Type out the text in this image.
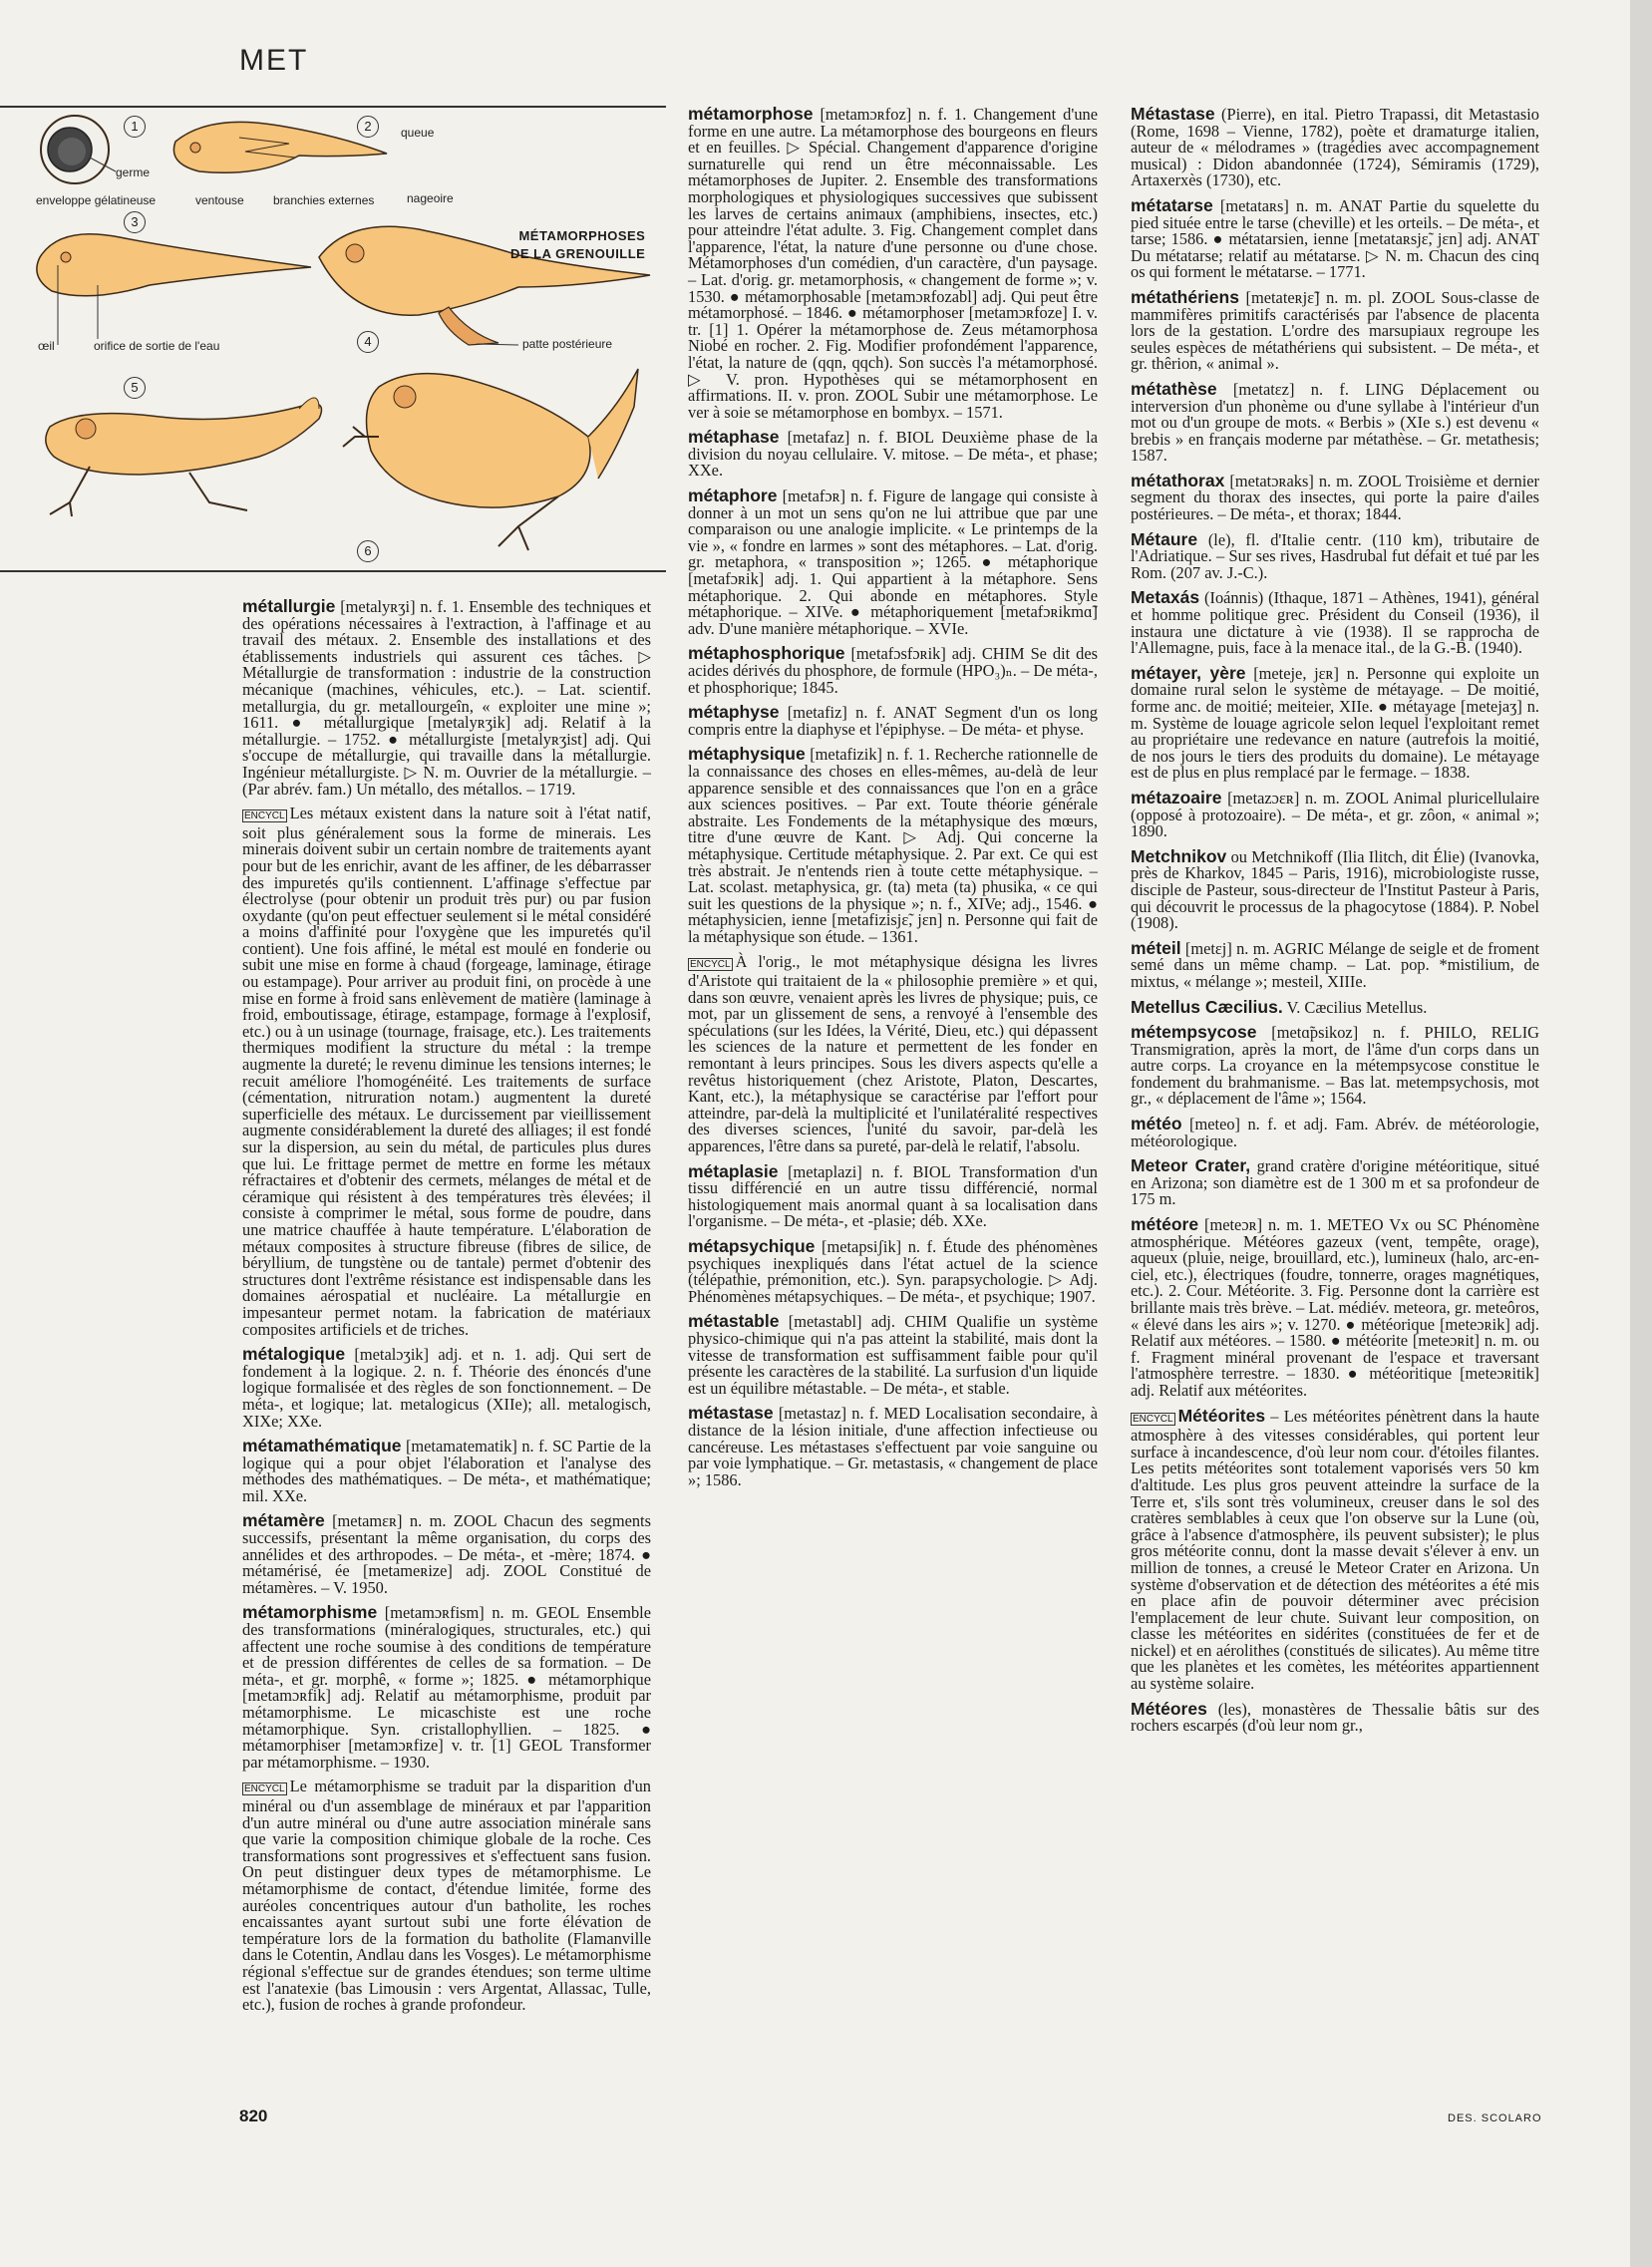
MET
MÉTAMORPHOSES
DE LA GRENOUILLE
1	2
3
4
5
6
germe
enveloppe gélatineuse
queue
ventouse branchies externes	nageoire
œil	orifice de sortie de l'eau	patte postérieure
métallurgie [metalyʀʒi] n. f. 1. Ensemble des techniques et des opérations nécessaires à l'extraction, à l'affinage et au travail des métaux. 2. Ensemble des installations et des établissements industriels qui assurent ces tâches. ▷ Métallurgie de transformation : industrie de la construction mécanique (machines, véhicules, etc.). – Lat. scientif. metallurgia, du gr. metallourgeîn, « exploiter une mine »; 1611. ● métallurgique [metalyʀʒik] adj. Relatif à la métallurgie. – 1752. ● métallurgiste [metalyʀʒist] adj. Qui s'occupe de métallurgie, qui travaille dans la métallurgie. Ingénieur métallurgiste. ▷ N. m. Ouvrier de la métallurgie. – (Par abrév. fam.) Un métallo, des métallos. – 1719.
ENCYCL Les métaux existent dans la nature soit à l'état natif, soit plus généralement sous la forme de minerais. Les minerais doivent subir un certain nombre de traitements ayant pour but de les enrichir, avant de les affiner, de les débarrasser des impuretés qu'ils contiennent. L'affinage s'effectue par électrolyse (pour obtenir un produit très pur) ou par fusion oxydante (qu'on peut effectuer seulement si le métal considéré a moins d'affinité pour l'oxygène que les impuretés qu'il contient). Une fois affiné, le métal est moulé en fonderie ou subit une mise en forme à chaud (forgeage, laminage, étirage ou estampage). Pour arriver au produit fini, on procède à une mise en forme à froid sans enlèvement de matière (laminage à froid, emboutissage, étirage, estampage, formage à l'explosif, etc.) ou à un usinage (tournage, fraisage, etc.). Les traitements thermiques modifient la structure du métal : la trempe augmente la dureté; le revenu diminue les tensions internes; le recuit améliore l'homogénéité. Les traitements de surface (cémentation, nitruration notam.) augmentent la dureté superficielle des métaux. Le durcissement par vieillissement augmente considérablement la dureté des alliages; il est fondé sur la dispersion, au sein du métal, de particules plus dures que lui. Le frittage permet de mettre en forme les métaux réfractaires et d'obtenir des cermets, mélanges de métal et de céramique qui résistent à des températures très élevées; il consiste à comprimer le métal, sous forme de poudre, dans une matrice chauffée à haute température. L'élaboration de métaux composites à structure fibreuse (fibres de silice, de béryllium, de tungstène ou de tantale) permet d'obtenir des structures dont l'extrême résistance est indispensable dans les domaines aérospatial et nucléaire. La métallurgie en impesanteur permet notam. la fabrication de matériaux composites artificiels et de triches.
métalogique [metalɔʒik] adj. et n. 1. adj. Qui sert de fondement à la logique. 2. n. f. Théorie des énoncés d'une logique formalisée et des règles de son fonctionnement. – De méta-, et logique; lat. metalogicus (XIIe); all. metalogisch, XIXe; XXe.
métamathématique [metamatematik] n. f. SC Partie de la logique qui a pour objet l'élaboration et l'analyse des méthodes des mathématiques. – De méta-, et mathématique; mil. XXe.
métamère [metamɛʀ] n. m. ZOOL Chacun des segments successifs, présentant la même organisation, du corps des annélides et des arthropodes. – De méta-, et -mère; 1874. ● métamérisé, ée [metameʀize] adj. ZOOL Constitué de métamères. – V. 1950.
métamorphisme [metamɔʀfism] n. m. GEOL Ensemble des transformations (minéralogiques, structurales, etc.) qui affectent une roche soumise à des conditions de température et de pression différentes de celles de sa formation. – De méta-, et gr. morphê, « forme »; 1825. ● métamorphique [metamɔʀfik] adj. Relatif au métamorphisme, produit par métamorphisme. Le micaschiste est une roche métamorphique. Syn. cristallophyllien. – 1825. ● métamorphiser [metamɔʀfize] v. tr. [1] GEOL Transformer par métamorphisme. – 1930.
ENCYCL Le métamorphisme se traduit par la disparition d'un minéral ou d'un assemblage de minéraux et par l'apparition d'un autre minéral ou d'une autre association minérale sans que varie la composition chimique globale de la roche. Ces transformations sont progressives et s'effectuent sans fusion. On peut distinguer deux types de métamorphisme. Le métamorphisme de contact, d'étendue limitée, forme des auréoles concentriques autour d'un batholite, les roches encaissantes ayant surtout subi une forte élévation de température lors de la formation du batholite (Flamanville dans le Cotentin, Andlau dans les Vosges). Le métamorphisme régional s'effectue sur de grandes étendues; son terme ultime est l'anatexie (bas Limousin : vers Argentat, Allassac, Tulle, etc.), fusion de roches à grande profondeur.
métamorphose [metamɔʀfoz] n. f. 1. Changement d'une forme en une autre. La métamorphose des bourgeons en fleurs et en feuilles. ▷ Spécial. Changement d'apparence d'origine surnaturelle qui rend un être méconnaissable. Les métamorphoses de Jupiter. 2. Ensemble des transformations morphologiques et physiologiques successives que subissent les larves de certains animaux (amphibiens, insectes, etc.) pour atteindre l'état adulte. 3. Fig. Changement complet dans l'apparence, l'état, la nature d'une personne ou d'une chose. Métamorphoses d'un comédien, d'un caractère, d'un paysage. – Lat. d'orig. gr. metamorphosis, « changement de forme »; v. 1530. ● métamorphosable [metamɔʀfozabl] adj. Qui peut être métamorphosé. – 1846. ● métamorphoser [metamɔʀfoze] I. v. tr. [1] 1. Opérer la métamorphose de. Zeus métamorphosa Niobé en rocher. 2. Fig. Modifier profondément l'apparence, l'état, la nature de (qqn, qqch). Son succès l'a métamorphosé. ▷ V. pron. Hypothèses qui se métamorphosent en affirmations. II. v. pron. ZOOL Subir une métamorphose. Le ver à soie se métamorphose en bombyx. – 1571.
métaphase [metafaz] n. f. BIOL Deuxième phase de la division du noyau cellulaire. V. mitose. – De méta-, et phase; XXe.
métaphore [metafɔʀ] n. f. Figure de langage qui consiste à donner à un mot un sens qu'on ne lui attribue que par une comparaison ou une analogie implicite. « Le printemps de la vie », « fondre en larmes » sont des métaphores. – Lat. d'orig. gr. metaphora, « transposition »; 1265. ● métaphorique [metafɔʀik] adj. 1. Qui appartient à la métaphore. Sens métaphorique. 2. Qui abonde en métaphores. Style métaphorique. – XIVe. ● métaphoriquement [metafɔʀikmɑ̃] adv. D'une manière métaphorique. – XVIe.
métaphosphorique [metafɔsfɔʀik] adj. CHIM Se dit des acides dérivés du phosphore, de formule (HPO₃)ₙ. – De méta-, et phosphorique; 1845.
métaphyse [metafiz] n. f. ANAT Segment d'un os long compris entre la diaphyse et l'épiphyse. – De méta- et physe.
métaphysique [metafizik] n. f. 1. Recherche rationnelle de la connaissance des choses en elles-mêmes, au-delà de leur apparence sensible et des connaissances que l'on en a grâce aux sciences positives. – Par ext. Toute théorie générale abstraite. Les Fondements de la métaphysique des mœurs, titre d'une œuvre de Kant. ▷ Adj. Qui concerne la métaphysique. Certitude métaphysique. 2. Par ext. Ce qui est très abstrait. Je n'entends rien à toute cette métaphysique. – Lat. scolast. metaphysica, gr. (ta) meta (ta) phusika, « ce qui suit les questions de la physique »; n. f., XIVe; adj., 1546. ● métaphysicien, ienne [metafizisjɛ̃, jɛn] n. Personne qui fait de la métaphysique son étude. – 1361.
ENCYCL À l'orig., le mot métaphysique désigna les livres d'Aristote qui traitaient de la « philosophie première » et qui, dans son œuvre, venaient après les livres de physique; puis, ce mot, par un glissement de sens, a renvoyé à l'ensemble des spéculations (sur les Idées, la Vérité, Dieu, etc.) qui dépassent les sciences de la nature et permettent de les fonder en remontant à leurs principes. Sous les divers aspects qu'elle a revêtus historiquement (chez Aristote, Platon, Descartes, Kant, etc.), la métaphysique se caractérise par l'effort pour atteindre, par-delà la multiplicité et l'unilatéralité respectives des diverses sciences, l'unité du savoir, par-delà les apparences, l'être dans sa pureté, par-delà le relatif, l'absolu.
métaplasie [metaplazi] n. f. BIOL Transformation d'un tissu différencié en un autre tissu différencié, normal histologiquement mais anormal quant à sa localisation dans l'organisme. – De méta-, et -plasie; déb. XXe.
métapsychique [metapsiʃik] n. f. Étude des phénomènes psychiques inexpliqués dans l'état actuel de la science (télépathie, prémonition, etc.). Syn. parapsychologie. ▷ Adj. Phénomènes métapsychiques. – De méta-, et psychique; 1907.
métastable [metastabl] adj. CHIM Qualifie un système physico-chimique qui n'a pas atteint la stabilité, mais dont la vitesse de transformation est suffisamment faible pour qu'il présente les caractères de la stabilité. La surfusion d'un liquide est un équilibre métastable. – De méta-, et stable.
métastase [metastaz] n. f. MED Localisation secondaire, à distance de la lésion initiale, d'une affection infectieuse ou cancéreuse. Les métastases s'effectuent par voie sanguine ou par voie lymphatique. – Gr. metastasis, « changement de place »; 1586.
Métastase (Pierre), en ital. Pietro Trapassi, dit Metastasio (Rome, 1698 – Vienne, 1782), poète et dramaturge italien, auteur de « mélodrames » (tragédies avec accompagnement musical) : Didon abandonnée (1724), Sémiramis (1729), Artaxerxès (1730), etc.
métatarse [metataʀs] n. m. ANAT Partie du squelette du pied située entre le tarse (cheville) et les orteils. – De méta-, et tarse; 1586. ● métatarsien, ienne [metataʀsjɛ̃, jɛn] adj. ANAT Du métatarse; relatif au métatarse. ▷ N. m. Chacun des cinq os qui forment le métatarse. – 1771.
métathériens [metateʀjɛ̃] n. m. pl. ZOOL Sous-classe de mammifères primitifs caractérisés par l'absence de placenta lors de la gestation. L'ordre des marsupiaux regroupe les seules espèces de métathériens qui subsistent. – De méta-, et gr. thêrion, « animal ».
métathèse [metatɛz] n. f. LING Déplacement ou interversion d'un phonème ou d'une syllabe à l'intérieur d'un mot ou d'un groupe de mots. « Berbis » (XIe s.) est devenu « brebis » en français moderne par métathèse. – Gr. metathesis; 1587.
métathorax [metatɔʀaks] n. m. ZOOL Troisième et dernier segment du thorax des insectes, qui porte la paire d'ailes postérieures. – De méta-, et thorax; 1844.
Métaure (le), fl. d'Italie centr. (110 km), tributaire de l'Adriatique. – Sur ses rives, Hasdrubal fut défait et tué par les Rom. (207 av. J.-C.).
Metaxás (Ioánnis) (Ithaque, 1871 – Athènes, 1941), général et homme politique grec. Président du Conseil (1936), il instaura une dictature à vie (1938). Il se rapprocha de l'Allemagne, puis, face à la menace ital., de la G.-B. (1940).
métayer, yère [meteje, jɛʀ] n. Personne qui exploite un domaine rural selon le système de métayage. – De moitié, forme anc. de moitié; meiteier, XIIe. ● métayage [metejaʒ] n. m. Système de louage agricole selon lequel l'exploitant remet au propriétaire une redevance en nature (autrefois la moitié, de nos jours le tiers des produits du domaine). Le métayage est de plus en plus remplacé par le fermage. – 1838.
métazoaire [metazɔɛʀ] n. m. ZOOL Animal pluricellulaire (opposé à protozoaire). – De méta-, et gr. zôon, « animal »; 1890.
Metchnikov ou Metchnikoff (Ilia Ilitch, dit Élie) (Ivanovka, près de Kharkov, 1845 – Paris, 1916), microbiologiste russe, disciple de Pasteur, sous-directeur de l'Institut Pasteur à Paris, qui découvrit le processus de la phagocytose (1884). P. Nobel (1908).
méteil [metɛj] n. m. AGRIC Mélange de seigle et de froment semé dans un même champ. – Lat. pop. *mistilium, de mixtus, « mélange »; mesteil, XIIIe.
Metellus Cæcilius. V. Cæcilius Metellus.
métempsycose [metɑ̃psikoz] n. f. PHILO, RELIG Transmigration, après la mort, de l'âme d'un corps dans un autre corps. La croyance en la métempsycose constitue le fondement du brahmanisme. – Bas lat. metempsychosis, mot gr., « déplacement de l'âme »; 1564.
météo [meteo] n. f. et adj. Fam. Abrév. de météorologie, météorologique.
Meteor Crater, grand cratère d'origine météoritique, situé en Arizona; son diamètre est de 1 300 m et sa profondeur de 175 m.
météore [meteɔʀ] n. m. 1. METEO Vx ou SC Phénomène atmosphérique. Météores gazeux (vent, tempête, orage), aqueux (pluie, neige, brouillard, etc.), lumineux (halo, arc-en-ciel, etc.), électriques (foudre, tonnerre, orages magnétiques, etc.). 2. Cour. Météorite. 3. Fig. Personne dont la carrière est brillante mais très brève. – Lat. médiév. meteora, gr. meteôros, « élevé dans les airs »; v. 1270. ● météorique [meteɔʀik] adj. Relatif aux météores. – 1580. ● météorite [meteɔʀit] n. m. ou f. Fragment minéral provenant de l'espace et traversant l'atmosphère terrestre. – 1830. ● météoritique [meteɔʀitik] adj. Relatif aux météorites.
ENCYCL Météorites – Les météorites pénètrent dans la haute atmosphère à des vitesses considérables, qui portent leur surface à incandescence, d'où leur nom cour. d'étoiles filantes. Les petits météorites sont totalement vaporisés vers 50 km d'altitude. Les plus gros peuvent atteindre la surface de la Terre et, s'ils sont très volumineux, creuser dans le sol des cratères semblables à ceux que l'on observe sur la Lune (où, grâce à l'absence d'atmosphère, ils peuvent subsister); le plus gros météorite connu, dont la masse devait s'élever à env. un million de tonnes, a creusé le Meteor Crater en Arizona. Un système d'observation et de détection des météorites a été mis en place afin de pouvoir déterminer avec précision l'emplacement de leur chute. Suivant leur composition, on classe les météorites en sidérites (constituées de fer et de nickel) et en aérolithes (constitués de silicates). Au même titre que les planètes et les comètes, les météorites appartiennent au système solaire.
Météores (les), monastères de Thessalie bâtis sur des rochers escarpés (d'où leur nom gr.,
820	DES. SCOLARO
